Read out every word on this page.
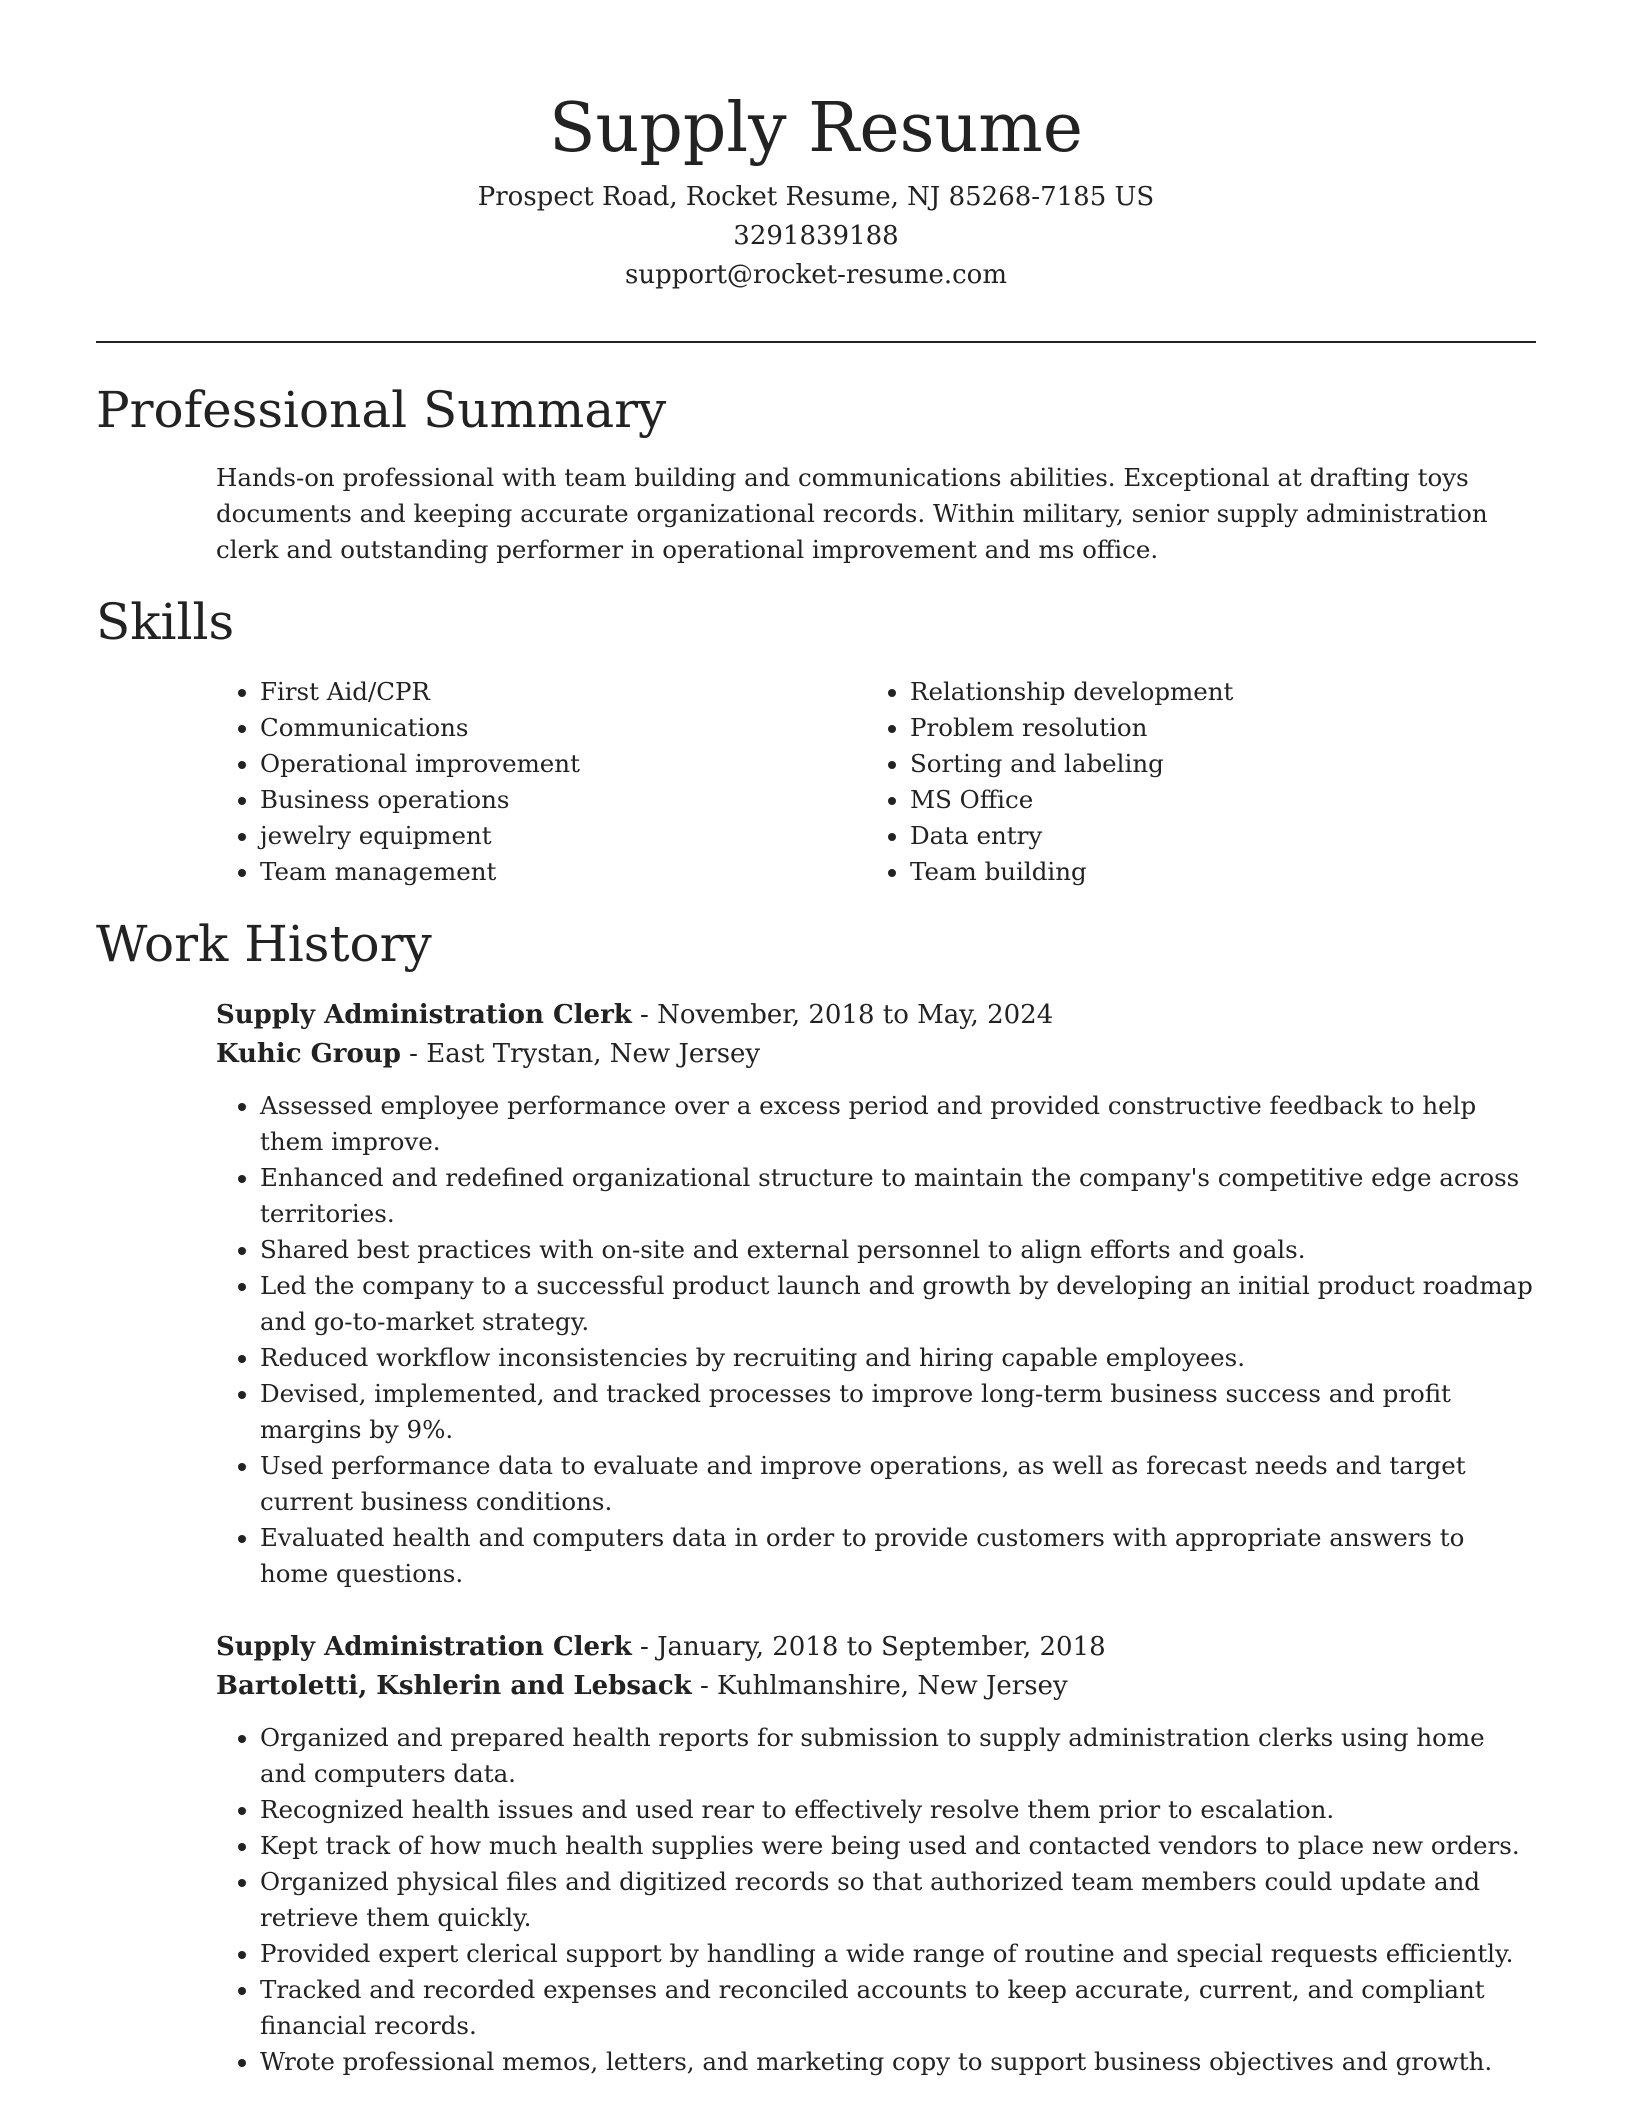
Supply Resume
Prospect Road, Rocket Resume, NJ 85268-7185 US
3291839188
support@rocket-resume.com
Professional Summary

Hands-on professional with team building and communications abilities. Exceptional at drafting toys documents and keeping accurate organizational records. Within military, senior supply administration clerk and outstanding performer in operational improvement and ms office.

Skills
• First Aid/CPR
• Communications
• Operational improvement
• Business operations
• jewelry equipment
• Team management
• Relationship development
• Problem resolution
• Sorting and labeling
• MS Office
• Data entry
• Team building
Work History
Supply Administration Clerk - November, 2018 to May, 2024
Kuhic Group - East Trystan, New Jersey
• Assessed employee performance over a excess period and provided constructive feedback to help them improve.
• Enhanced and redefined organizational structure to maintain the company's competitive edge across territories.
• Shared best practices with on-site and external personnel to align efforts and goals.
• Led the company to a successful product launch and growth by developing an initial product roadmap and go-to-market strategy.
• Reduced workflow inconsistencies by recruiting and hiring capable employees.
• Devised, implemented, and tracked processes to improve long-term business success and profit margins by 9%.
• Used performance data to evaluate and improve operations, as well as forecast needs and target current business conditions.
• Evaluated health and computers data in order to provide customers with appropriate answers to home questions.
Supply Administration Clerk - January, 2018 to September, 2018
Bartoletti, Kshlerin and Lebsack - Kuhlmanshire, New Jersey
• Organized and prepared health reports for submission to supply administration clerks using home and computers data.
• Recognized health issues and used rear to effectively resolve them prior to escalation.
• Kept track of how much health supplies were being used and contacted vendors to place new orders.
• Organized physical files and digitized records so that authorized team members could update and retrieve them quickly.
• Provided expert clerical support by handling a wide range of routine and special requests efficiently.
• Tracked and recorded expenses and reconciled accounts to keep accurate, current, and compliant financial records.
• Wrote professional memos, letters, and marketing copy to support business objectives and growth.
